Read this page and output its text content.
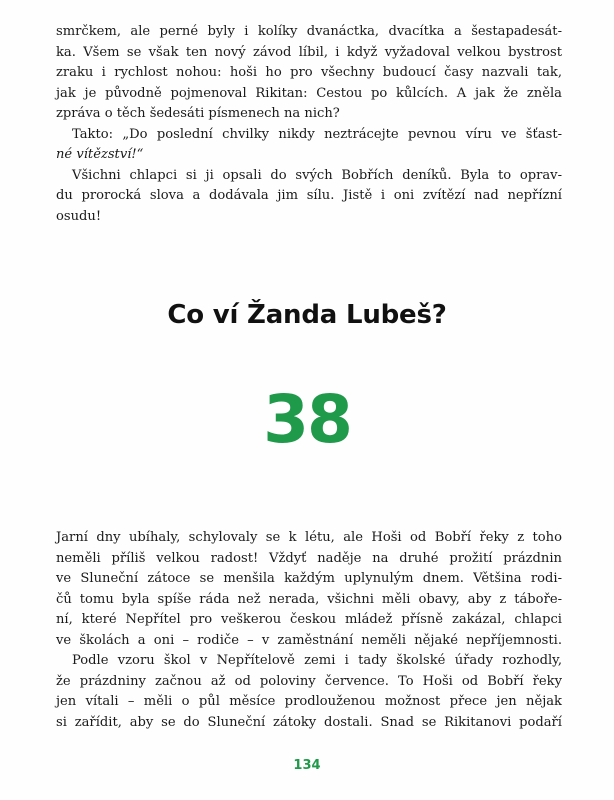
smrčkem, ale perné byly i kolíky dvanáctka, dvacítka a šestapadesát-
ka. Všem se však ten nový závod líbil, i když vyžadoval velkou bystrost
zraku i rychlost nohou: hoši ho pro všechny budoucí časy nazvali tak,
jak je původně pojmenoval Rikitan: Cestou po kůlcích. A jak že zněla
zpráva o těch šedesáti písmenech na nich?

Takto: „Do poslední chvilky nikdy neztrácejte pevnou víru ve šťast-
né vítězství!“

Všichni chlapci si ji opsali do svých Bobřích deníků. Byla to oprav-
du prorocká slova a dodávala jim sílu. Jistě i oni zvítězí nad nepřízní
osudu!

Co ví Žanda Lubeš?
38

Jarní dny ubíhaly, schylovaly se k létu, ale Hoši od Bobří řeky z toho
neměli příliš velkou radost! Vždyť naděje na druhé prožití prázdnin
ve Sluneční zátoce se menšila každým uplynulým dnem. Většina rodi-
čů tomu byla spíše ráda než nerada, všichni měli obavy, aby z táboře-
ní, které Nepřítel pro veškerou českou mládež přísně zakázal, chlapci
ve školách a oni – rodiče – v zaměstnání neměli nějaké nepříjemnosti.

Podle vzoru škol v Nepřítelově zemi i tady školské úřady rozhodly,
že prázdniny začnou až od poloviny července. To Hoši od Bobří řeky
jen vítali – měli o půl měsíce prodlouženou možnost přece jen nějak
si zařídit, aby se do Sluneční zátoky dostali. Snad se Rikitanovi podaří

134
